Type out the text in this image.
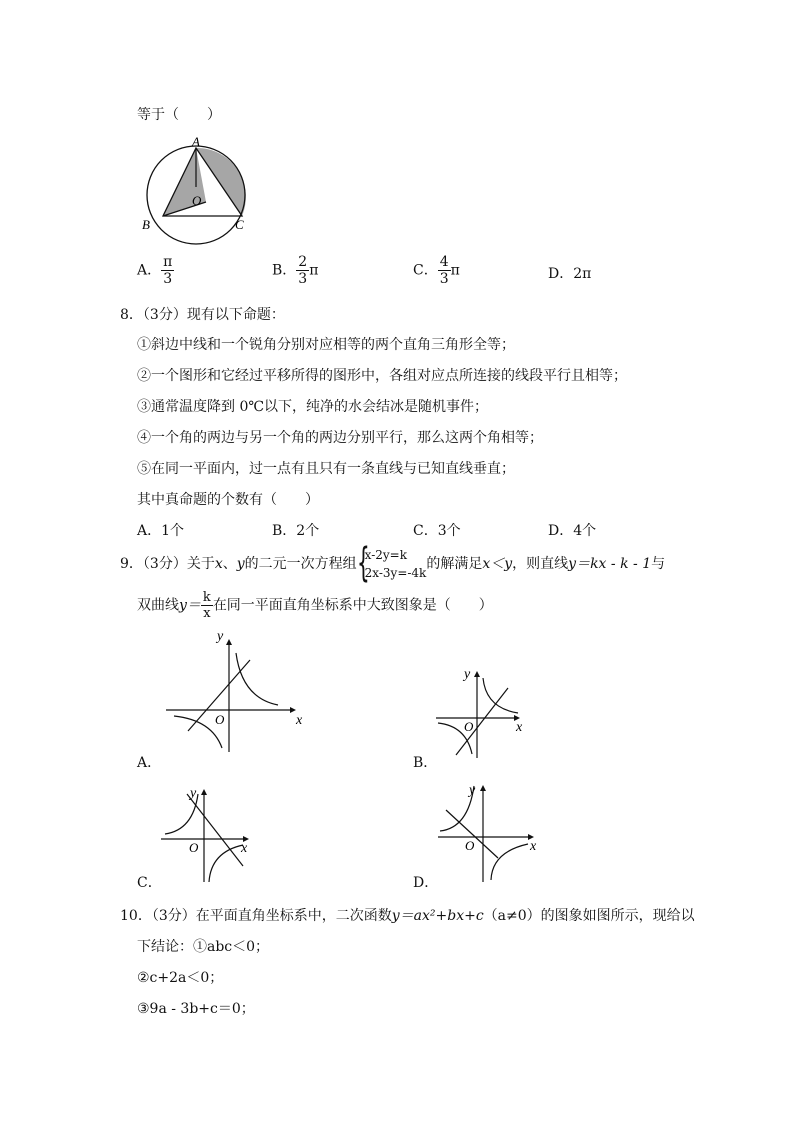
等于（　　）
A
O
B	C
A． $\frac{\pi}{3}$	B． $\frac{2}{3}$ π	C． $\frac{4}{3}$ π	D．2π
8．（3分）现有以下命题：
①斜边中线和一个锐角分别对应相等的两个直角三角形全等；
②一个图形和它经过平移所得的图形中，各组对应点所连接的线段平行且相等；
③通常温度降到 0℃以下，纯净的水会结冰是随机事件；
④一个角的两边与另一个角的两边分别平行，那么这两个角相等；
⑤在同一平面内，过一点有且只有一条直线与已知直线垂直；
其中真命题的个数有（　　）
A．1个	B．2个	C．3个	D．4个
9．（3分）关于x、y的二元一次方程组 {
x-2y=k
2x-3y=-4k
的解满足x＜y，则直线y＝kx - k - 1与
双曲线$y= \frac{k}{x}$ 在同一平面直角坐标系中大致图象是（　　）
x
y
O
A．
x
y
O
B．
x
y
O
C．
x
y
O
D．
10．（3分）在平面直角坐标系中，二次函数y＝ax²+bx+c（a≠0）的图象如图所示，现给以
下结论：①abc＜0；
②c+2a＜0；
③9a - 3b+c＝0；
